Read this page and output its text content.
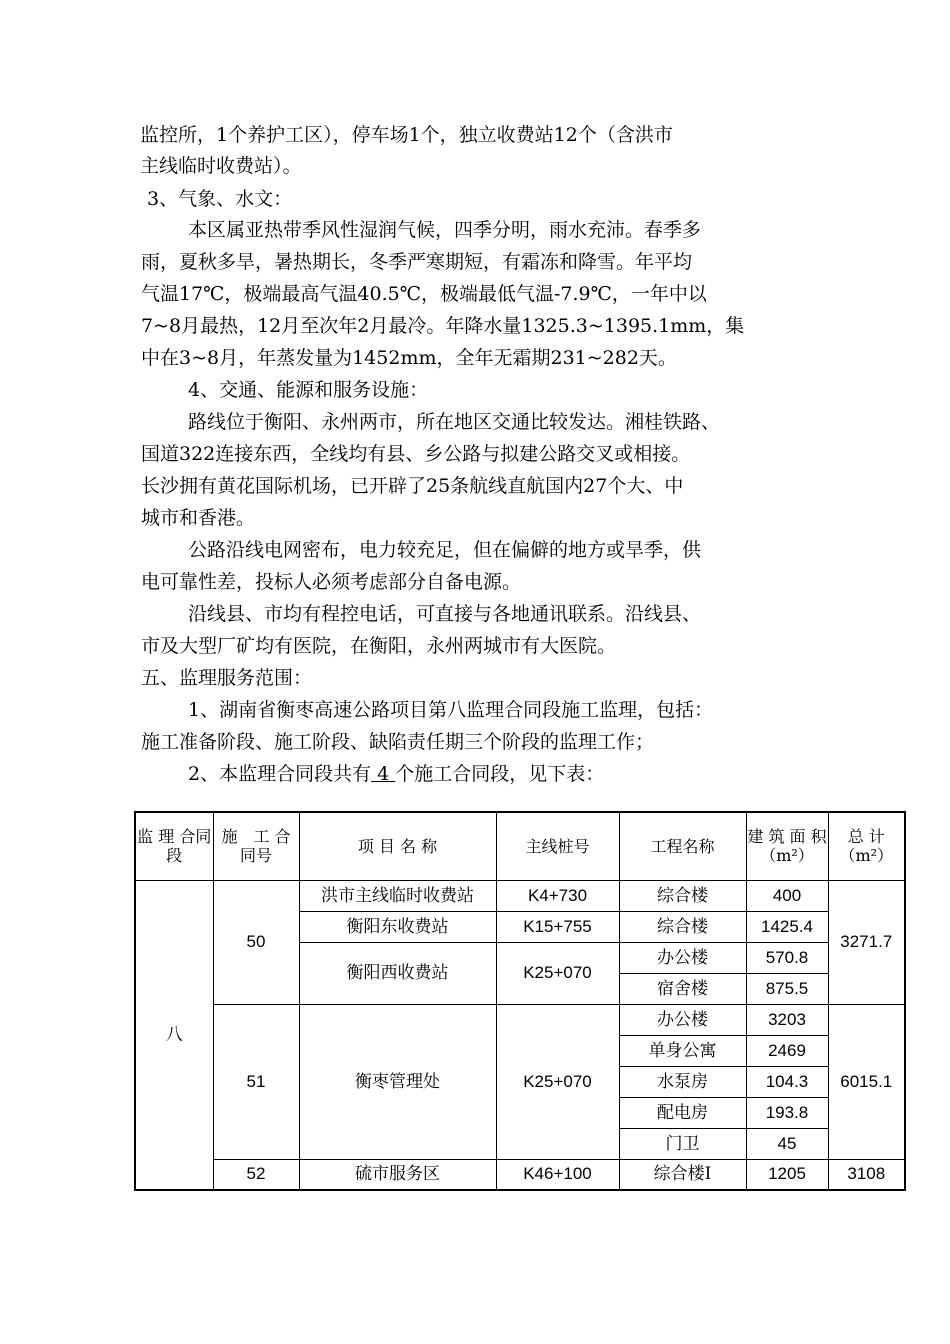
监控所，1个养护工区），停车场1个，独立收费站12个（含洪市
主线临时收费站）。
3、气象、水文：
本区属亚热带季风性湿润气候，四季分明，雨水充沛。春季多
雨，夏秋多旱，暑热期长，冬季严寒期短，有霜冻和降雪。年平均
气温17℃，极端最高气温40.5℃，极端最低气温-7.9℃，一年中以
7~8月最热，12月至次年2月最冷。年降水量1325.3~1395.1mm，集
中在3~8月，年蒸发量为1452mm，全年无霜期231~282天。
4、交通、能源和服务设施：
路线位于衡阳、永州两市，所在地区交通比较发达。湘桂铁路、
国道322连接东西，全线均有县、乡公路与拟建公路交叉或相接。
长沙拥有黄花国际机场，已开辟了25条航线直航国内27个大、中
城市和香港。
公路沿线电网密布，电力较充足，但在偏僻的地方或旱季，供
电可靠性差，投标人必须考虑部分自备电源。
沿线县、市均有程控电话，可直接与各地通讯联系。沿线县、
市及大型厂矿均有医院，在衡阳，永州两城市有大医院。
五、监理服务范围：
1、湖南省衡枣高速公路项目第八监理合同段施工监理，包括：
施工准备阶段、施工阶段、缺陷责任期三个阶段的监理工作；
2、本监理合同段共有 4 个施工合同段，见下表：
监 理 合同段	施　工 合同号	项 目 名 称	主线桩号	工程名称	建 筑 面 积 （m²）	总 计 （m²）
八	50	洪市主线临时收费站	K4+730	综合楼	400	3271.7
		衡阳东收费站	K15+755	综合楼	1425.4	
		衡阳西收费站	K25+070	办公楼	570.8	
				宿舍楼	875.5	
	51	衡枣管理处	K25+070	办公楼	3203	6015.1
				单身公寓	2469	
				水泵房	104.3	
				配电房	193.8	
				门卫	45	
	52	硫市服务区	K46+100	综合楼Ⅰ	1205	3108
